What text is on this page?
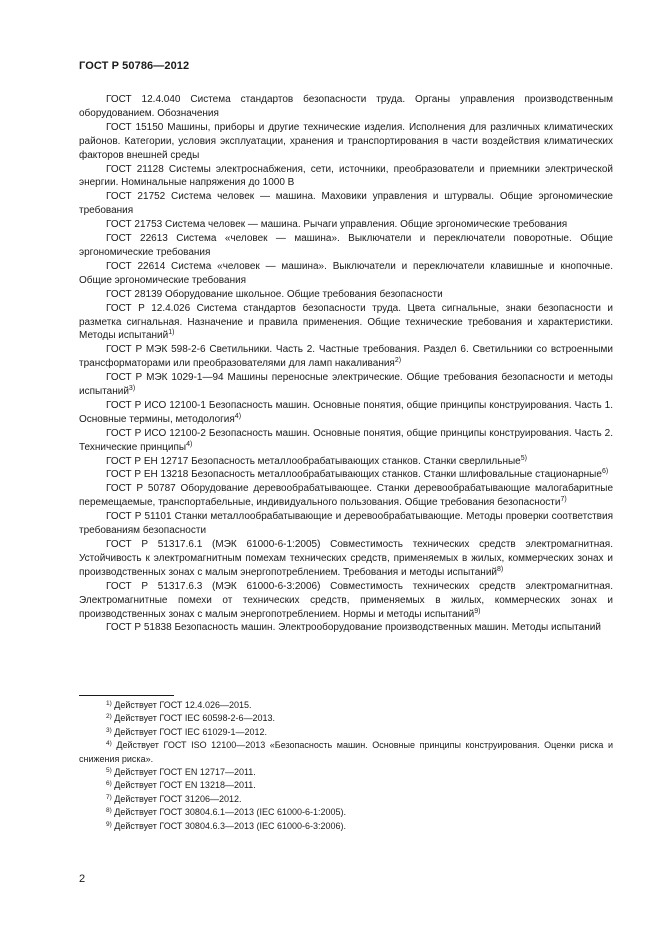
ГОСТ Р 50786—2012

ГОСТ 12.4.040 Система стандартов безопасности труда. Органы управления производственным оборудованием. Обозначения

ГОСТ 15150 Машины, приборы и другие технические изделия. Исполнения для различных климатических районов. Категории, условия эксплуатации, хранения и транспортирования в части воздействия климатических факторов внешней среды

ГОСТ 21128 Системы электроснабжения, сети, источники, преобразователи и приемники электрической энергии. Номинальные напряжения до 1000 В

ГОСТ 21752 Система человек — машина. Маховики управления и штурвалы. Общие эргономические требования

ГОСТ 21753 Система человек — машина. Рычаги управления. Общие эргономические требования

ГОСТ 22613 Система «человек — машина». Выключатели и переключатели поворотные. Общие эргономические требования

ГОСТ 22614 Система «человек — машина». Выключатели и переключатели клавишные и кнопочные. Общие эргономические требования

ГОСТ 28139 Оборудование школьное. Общие требования безопасности

ГОСТ Р 12.4.026 Система стандартов безопасности труда. Цвета сигнальные, знаки безопасности и разметка сигнальная. Назначение и правила применения. Общие технические требования и характеристики. Методы испытаний$^{1)}$

ГОСТ Р МЭК 598-2-6 Светильники. Часть 2. Частные требования. Раздел 6. Светильники со встроенными трансформаторами или преобразователями для ламп накаливания$^{2)}$

ГОСТ Р МЭК 1029-1—94 Машины переносные электрические. Общие требования безопасности и методы испытаний$^{3)}$

ГОСТ Р ИСО 12100-1 Безопасность машин. Основные понятия, общие принципы конструирования. Часть 1. Основные термины, методология$^{4)}$

ГОСТ Р ИСО 12100-2 Безопасность машин. Основные понятия, общие принципы конструирования. Часть 2. Технические принципы$^{4)}$

ГОСТ Р ЕН 12717 Безопасность металлообрабатывающих станков. Станки сверлильные$^{5)}$

ГОСТ Р ЕН 13218 Безопасность металлообрабатывающих станков. Станки шлифовальные стационарные$^{6)}$

ГОСТ Р 50787 Оборудование деревообрабатывающее. Станки деревообрабатывающие малогабаритные перемещаемые, транспортабельные, индивидуального пользования. Общие требования безопасности$^{7)}$

ГОСТ Р 51101 Станки металлообрабатывающие и деревообрабатывающие. Методы проверки соответствия требованиям безопасности

ГОСТ Р 51317.6.1 (МЭК 61000-6-1:2005) Совместимость технических средств электромагнитная. Устойчивость к электромагнитным помехам технических средств, применяемых в жилых, коммерческих зонах и производственных зонах с малым энергопотреблением. Требования и методы испытаний$^{8)}$

ГОСТ Р 51317.6.3 (МЭК 61000-6-3:2006) Совместимость технических средств электромагнитная. Электромагнитные помехи от технических средств, применяемых в жилых, коммерческих зонах и производственных зонах с малым энергопотреблением. Нормы и методы испытаний$^{9)}$

ГОСТ Р 51838 Безопасность машин. Электрооборудование производственных машин. Методы испытаний

$^{1)}$ Действует ГОСТ 12.4.026—2015.

$^{2)}$ Действует ГОСТ IEC 60598-2-6—2013.

$^{3)}$ Действует ГОСТ IEC 61029-1—2012.

$^{4)}$ Действует ГОСТ ISO 12100—2013 «Безопасность машин. Основные принципы конструирования. Оценки риска и снижения риска».

$^{5)}$ Действует ГОСТ EN 12717—2011.

$^{6)}$ Действует ГОСТ EN 13218—2011.

$^{7)}$ Действует ГОСТ 31206—2012.

$^{8)}$ Действует ГОСТ 30804.6.1—2013 (IEC 61000-6-1:2005).

$^{9)}$ Действует ГОСТ 30804.6.3—2013 (IEC 61000-6-3:2006).

2
